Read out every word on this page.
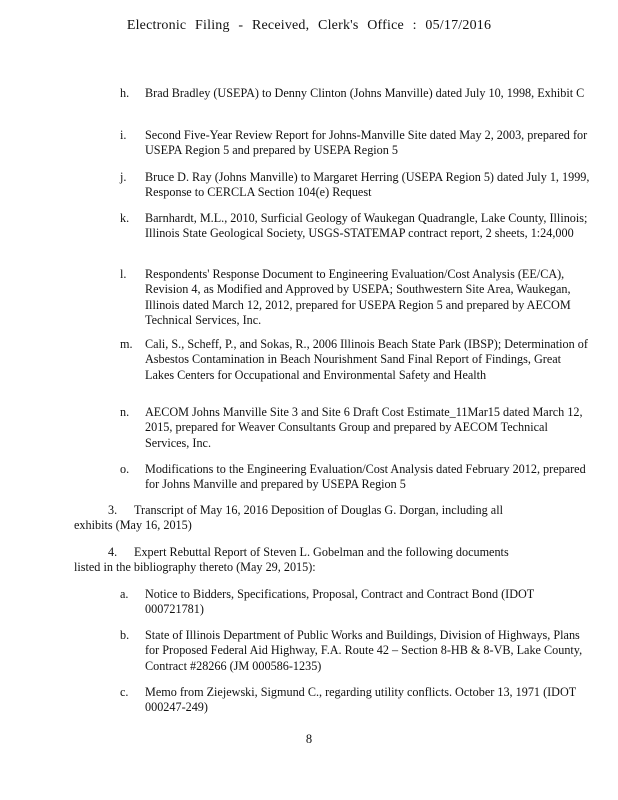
Electronic Filing - Received, Clerk's Office : 05/17/2016
h.	Brad Bradley (USEPA) to Denny Clinton (Johns Manville) dated July 10, 1998, Exhibit C
i.	Second Five-Year Review Report for Johns-Manville Site dated May 2, 2003, prepared for USEPA Region 5 and prepared by USEPA Region 5
j.	Bruce D. Ray (Johns Manville) to Margaret Herring (USEPA Region 5) dated July 1, 1999, Response to CERCLA Section 104(e) Request
k.	Barnhardt, M.L., 2010, Surficial Geology of Waukegan Quadrangle, Lake County, Illinois; Illinois State Geological Society, USGS-STATEMAP contract report, 2 sheets, 1:24,000
l.	Respondents' Response Document to Engineering Evaluation/Cost Analysis (EE/CA), Revision 4, as Modified and Approved by USEPA; Southwestern Site Area, Waukegan, Illinois dated March 12, 2012, prepared for USEPA Region 5 and prepared by AECOM Technical Services, Inc.
m.	Cali, S., Scheff, P., and Sokas, R., 2006 Illinois Beach State Park (IBSP); Determination of Asbestos Contamination in Beach Nourishment Sand Final Report of Findings, Great Lakes Centers for Occupational and Environmental Safety and Health
n.	AECOM Johns Manville Site 3 and Site 6 Draft Cost Estimate_11Mar15 dated March 12, 2015, prepared for Weaver Consultants Group and prepared by AECOM Technical Services, Inc.
o.	Modifications to the Engineering Evaluation/Cost Analysis dated February 2012, prepared for Johns Manville and prepared by USEPA Region 5
3. Transcript of May 16, 2016 Deposition of Douglas G. Dorgan, including all
exhibits (May 16, 2015)
4. Expert Rebuttal Report of Steven L. Gobelman and the following documents
listed in the bibliography thereto (May 29, 2015):
a.	Notice to Bidders, Specifications, Proposal, Contract and Contract Bond (IDOT 000721781)
b.	State of Illinois Department of Public Works and Buildings, Division of Highways, Plans for Proposed Federal Aid Highway, F.A. Route 42 – Section 8-HB & 8-VB, Lake County, Contract #28266 (JM 000586-1235)
c.	Memo from Ziejewski, Sigmund C., regarding utility conflicts. October 13, 1971 (IDOT 000247-249)
8
